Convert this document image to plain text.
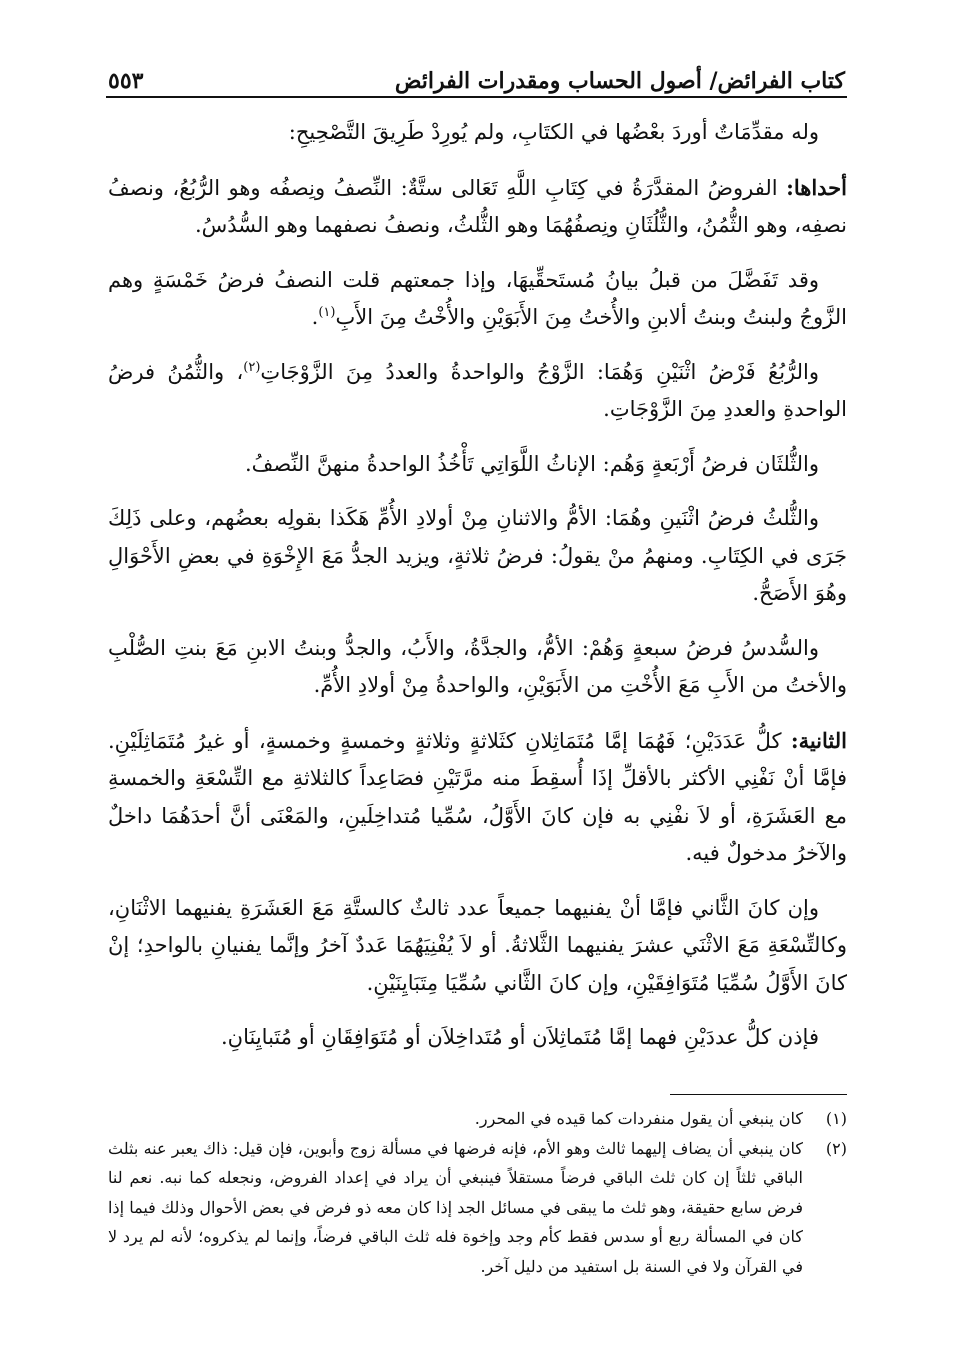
كتاب الفرائض/ أصول الحساب ومقدرات الفرائض
٥٥٣

وله مقدِّمَاتٌ أوردَ بعْضُها في الكتَابِ، ولم يُورِدْ طَرِيقَ التَّصْحِيحِ:

أحداها: الفروضُ المقدَّرَةُ في كِتَابِ اللَّهِ تَعَالى ستَّةٌ: النِّصفُ ونِصفُه وهو الرُّبُعُ، ونصفُ نصفِه، وهو الثُّمُنُ، والثُّلُثَانِ ونِصفُهُمَا وهو الثُّلثُ، ونصفُ نصفهما وهو السُّدُسُ.

وقد تَفَضَّلَ من قبلُ بيانُ مُستَحقِّيهَا، وإذا جمعتهم قلت النصفُ فرضُ خَمْسَةٍ وهم الزَّوجُ ولبنتُ وبنتُ ألابنِ والأُختُ مِنَ الأَبَوَيْنِ والأُخْتُ مِنَ الأَبِ$^{(١)}$.

والرُّبُعُ فَرْضُ اثْنَيْنِ وَهُمَا: الزَّوْجُ والواحدةُ والعددُ مِنَ الزَّوْجَاتِ$^{(٢)}$، والثُّمُنُ فرضُ الواحدةِ والعددِ مِنَ الزَّوْجَاتِ.

والثُّلثَان فرضُ أَرْبَعةٍ وَهُم: الإناثُ اللَّوَاتِي تَأْخُذُ الواحدةُ منهنَّ النِّصفُ.

والثُّلثُ فرضُ اثْنَينِ وهُمَا: الأمُّ والاثنانِ مِنْ أولادِ الأُمِّ هَكَذا بقولِه بعضُهم، وعلى ذَلِكَ جَرَى في الكِتَابِ. ومنهمُ منْ يقولُ: فرضُ ثلاثةٍ، ويزيد الجدُّ مَعَ الإِخْوَةِ في بعضِ الأَحْوَالِ وهُوَ الأَصَحُّ.

والسُّدسُ فرضُ سبعةٍ وَهُمْ: الأمُّ، والجدَّةُ، والأَبُ، والجدُّ وبنتُ الابنِ مَعَ بنتِ الصُّلْبِ والأختُ من الأَبِ مَعَ الأُخْتِ من الأَبَوَيْنِ، والواحدةُ مِنْ أولادِ الأُمِّ.

الثانية: كلُّ عَدَدَيْنِ؛ فَهُمَا إمَّا مُتَمَاثِلانِ كثَلاثةٍ وثلاثةٍ وخمسةٍ وخمسةٍ، أو غيرُ مُتَمَاثِلَيْنِ. فإمَّا أنْ نَفْنِي الأكثر بالأقلِّ إذَا أُسقِطَ منه مرَّتَيْنِ فصَاعِداً كالثلاثةِ مع التِّسْعَةِ والخمسةِ مع العَشَرَةِ، أو لاَ نفْنِي به فإن كانَ الأَوَّلُ، سُمِّيا مُتداخِلَينِ، والمَعْنَى أنَّ أحدَهُمَا داخلٌ والآخرُ مدخولٌ فيه.

وإن كانَ الثَّاني فإمَّا أنْ يفنيهما جميعاً عدد ثالثٌ كالستَّةِ مَعَ العَشَرَةِ يفنيهما الاثْنَانِ، وكالتِّسْعَةِ مَعَ الاثْنَي عشرَ يفنيهما الثَّلاثةُ. أو لاَ يُفْنِيَهُمَا عَددٌ آخرُ وإنَّما يفنيانِ بالواحدِ؛ إنْ كانَ الأَوَّلُ سُمِّيَا مُتَوَافِقَيْنِ، وإن كانَ الثَّاني سُمِّيَا مِتَبَايِنَيْنِ.

فإذن كلُّ عددَيْنِ فهما إمَّا مُتَماثِلاَن أو مُتَداخِلاَن أو مُتَوَافِقَانِ أو مُتَبايِنَانِ.

(١)
كان ينبغي أن يقول منفردات كما قيده في المحرر.
(٢)
كان ينبغي أن يضاف إليهما ثالث وهو الأم، فإنه فرضها في مسألة زوج وأبوين، فإن قيل: ذاك يعبر عنه بثلث الباقي ثلثاً إن كان ثلث الباقي فرضاً مستقلاً فينبغي أن يراد في إعداد الفروض، ونجعله كما نبه. نعم لنا فرض سابع حقيقة، وهو ثلث ما يبقى في مسائل الجد إذا كان معه ذو فرض في بعض الأحوال وذلك فيما إذا كان في المسألة ربع أو سدس فقط كأم وجد وإخوة فله ثلث الباقي فرضاً، وإنما لم يذكروه؛ لأنه لم يرد لا في القرآن ولا في السنة بل استفيد من دليل آخر.
